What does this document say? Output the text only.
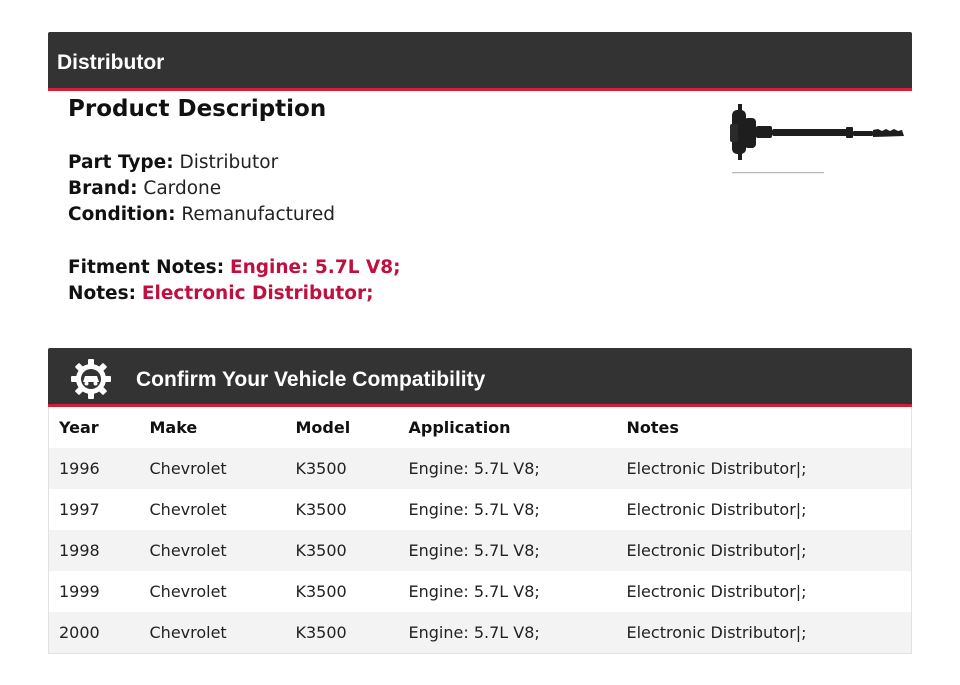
Distributor
Product Description
Part Type: Distributor
Brand: Cardone
Condition: Remanufactured
Fitment Notes: Engine: 5.7L V8;
Notes: Electronic Distributor;
Confirm Your Vehicle Compatibility
Year	Make	Model	Application	Notes
1996	Chevrolet	K3500	Engine: 5.7L V8;	Electronic Distributor|;
1997	Chevrolet	K3500	Engine: 5.7L V8;	Electronic Distributor|;
1998	Chevrolet	K3500	Engine: 5.7L V8;	Electronic Distributor|;
1999	Chevrolet	K3500	Engine: 5.7L V8;	Electronic Distributor|;
2000	Chevrolet	K3500	Engine: 5.7L V8;	Electronic Distributor|;
